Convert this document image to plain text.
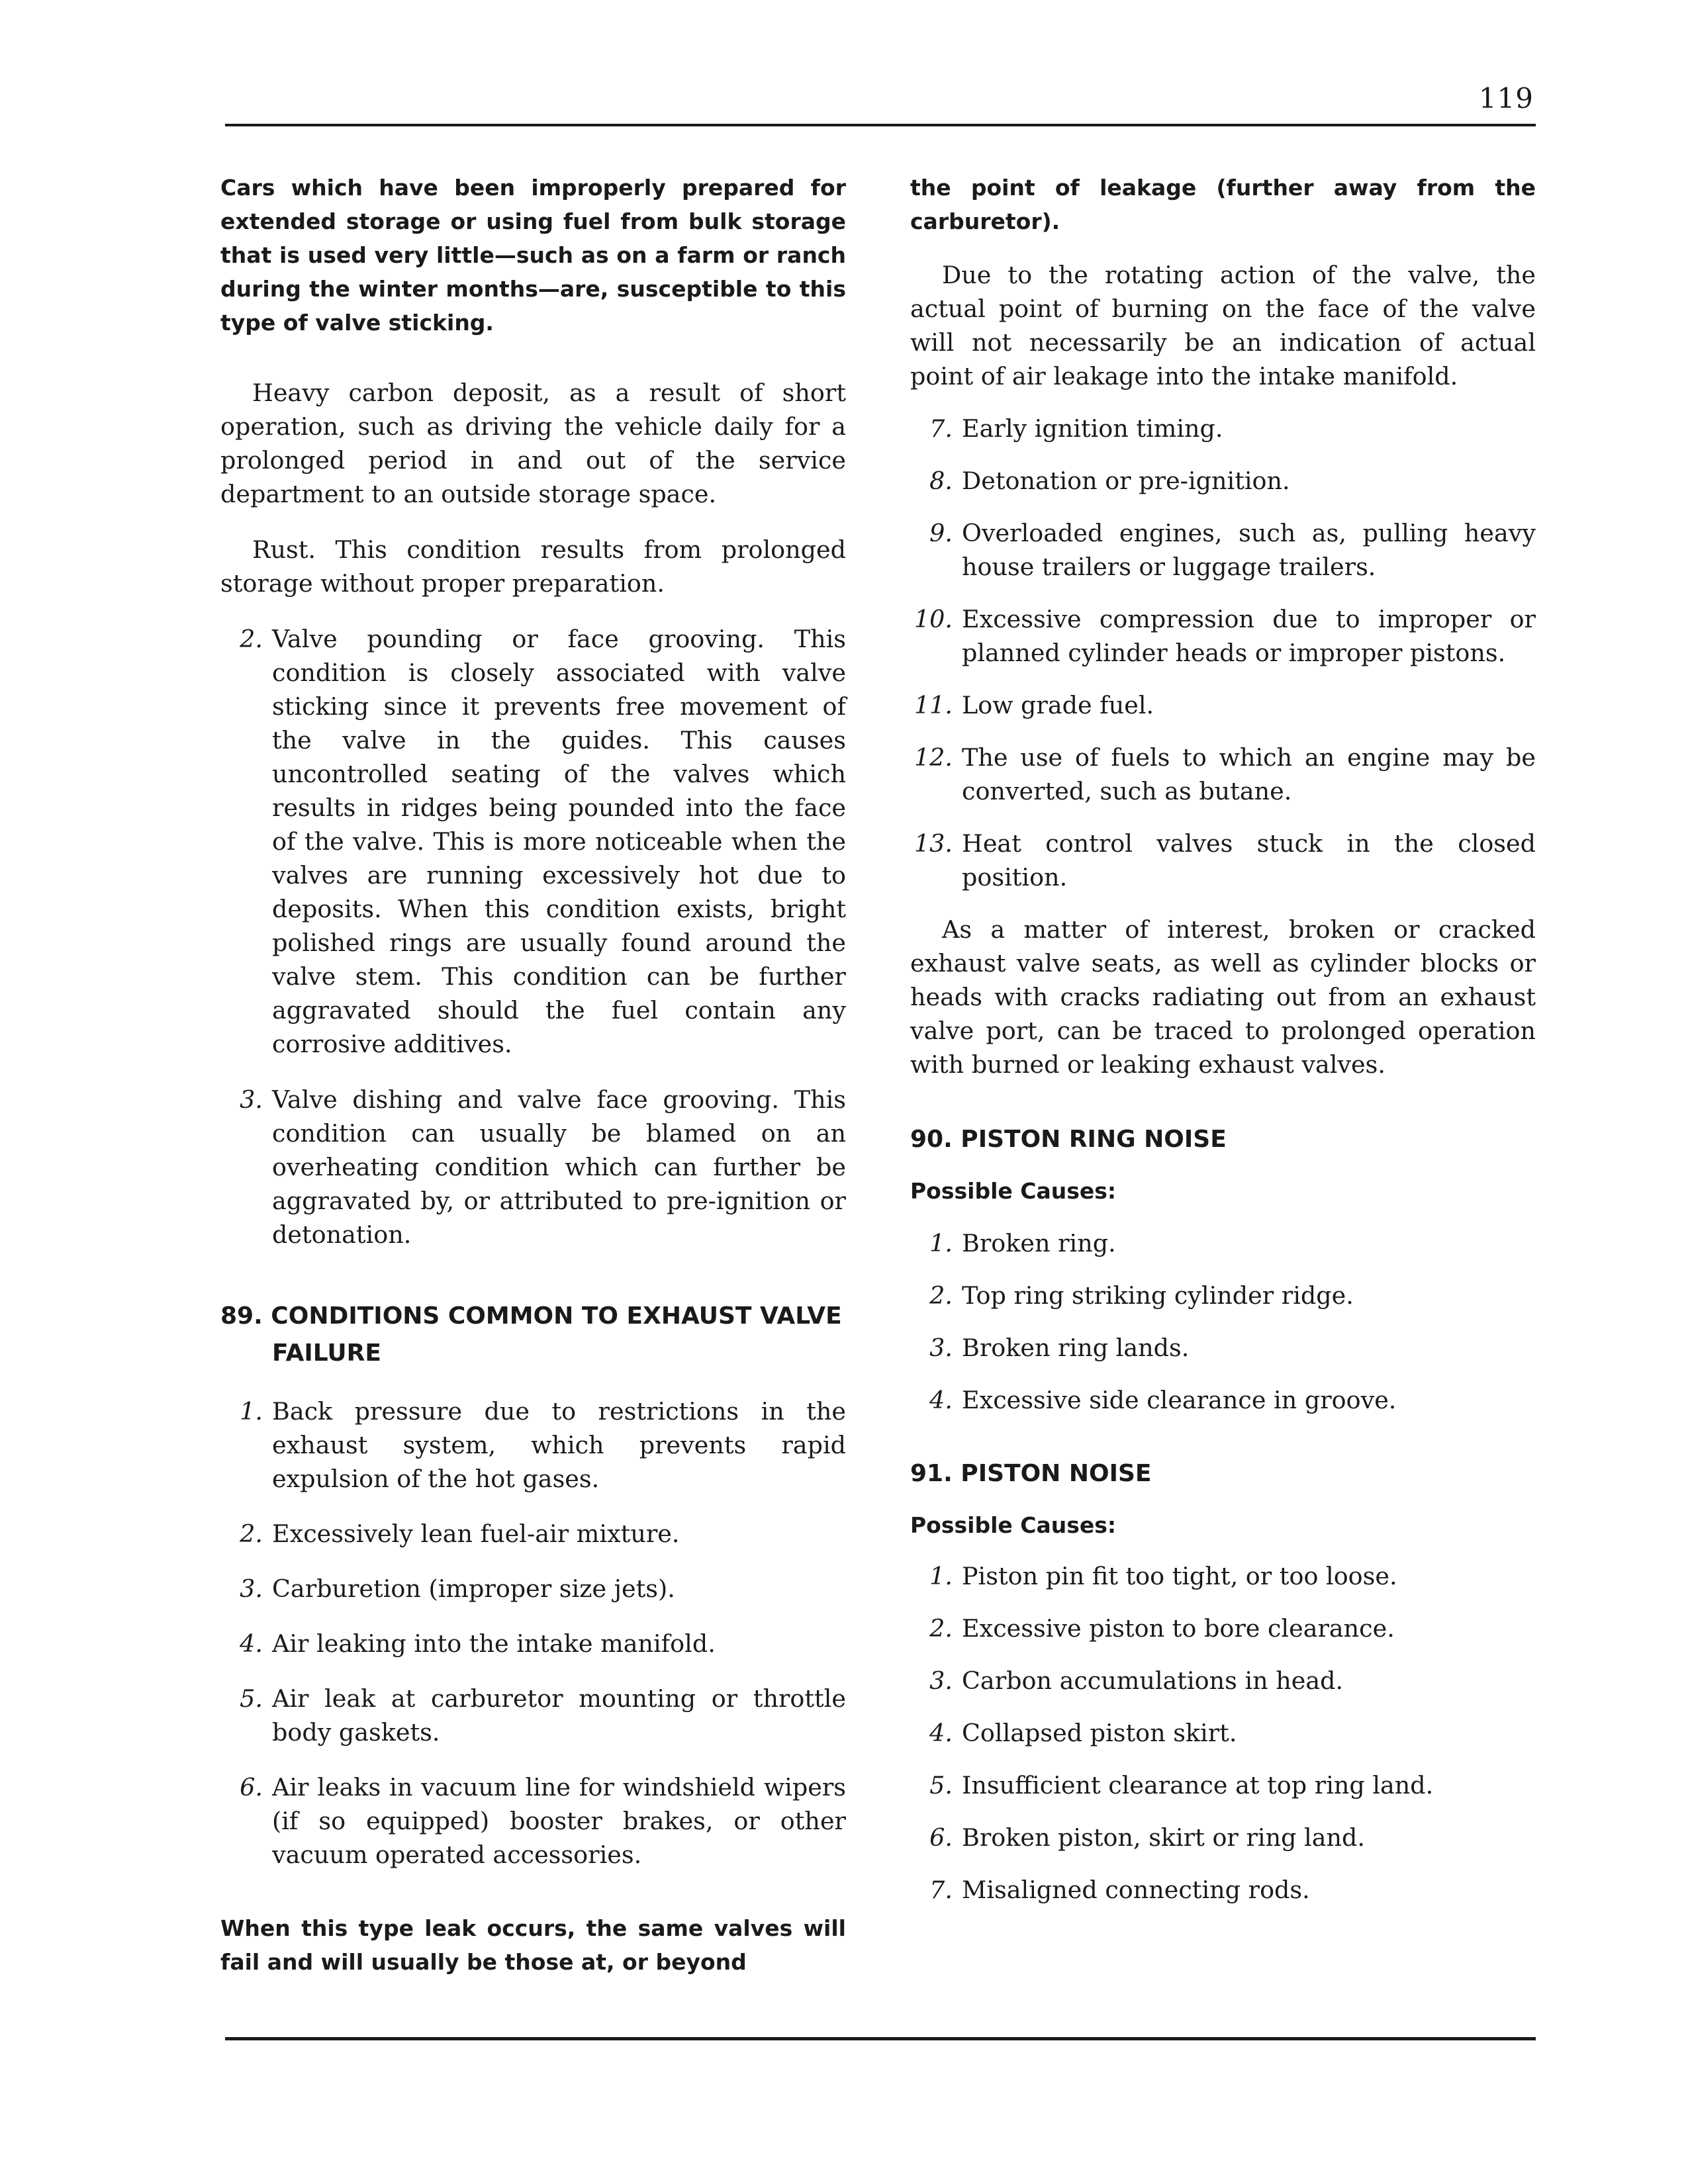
119

Cars which have been improperly prepared for extended storage or using fuel from bulk storage that is used very little—such as on a farm or ranch during the winter months—are, susceptible to this type of valve sticking.

Heavy carbon deposit, as a result of short operation, such as driving the vehicle daily for a prolonged period in and out of the service department to an outside storage space.

Rust. This condition results from prolonged storage without proper preparation.

2. Valve pounding or face grooving. This condition is closely associated with valve sticking since it prevents free movement of the valve in the guides. This causes uncontrolled seating of the valves which results in ridges being pounded into the face of the valve. This is more noticeable when the valves are running excessively hot due to deposits. When this condition exists, bright polished rings are usually found around the valve stem. This condition can be further aggravated should the fuel contain any corrosive additives.
3. Valve dishing and valve face grooving. This condition can usually be blamed on an overheating condition which can further be aggravated by, or attributed to pre-ignition or detonation.

89. CONDITIONS COMMON TO EXHAUST VALVE FAILURE

1. Back pressure due to restrictions in the exhaust system, which prevents rapid expulsion of the hot gases.
2. Excessively lean fuel-air mixture.
3. Carburetion (improper size jets).
4. Air leaking into the intake manifold.
5. Air leak at carburetor mounting or throttle body gaskets.
6. Air leaks in vacuum line for windshield wipers (if so equipped) booster brakes, or other vacuum operated accessories.

When this type leak occurs, the same valves will fail and will usually be those at, or beyond

the point of leakage (further away from the carburetor).

Due to the rotating action of the valve, the actual point of burning on the face of the valve will not necessarily be an indication of actual point of air leakage into the intake manifold.

7. Early ignition timing.
8. Detonation or pre-ignition.
9. Overloaded engines, such as, pulling heavy house trailers or luggage trailers.
10. Excessive compression due to improper or planned cylinder heads or improper pistons.
11. Low grade fuel.
12. The use of fuels to which an engine may be converted, such as butane.
13. Heat control valves stuck in the closed position.

As a matter of interest, broken or cracked exhaust valve seats, as well as cylinder blocks or heads with cracks radiating out from an exhaust valve port, can be traced to prolonged operation with burned or leaking exhaust valves.

90. PISTON RING NOISE

Possible Causes:

1. Broken ring.
2. Top ring striking cylinder ridge.
3. Broken ring lands.
4. Excessive side clearance in groove.

91. PISTON NOISE

Possible Causes:

1. Piston pin fit too tight, or too loose.
2. Excessive piston to bore clearance.
3. Carbon accumulations in head.
4. Collapsed piston skirt.
5. Insufficient clearance at top ring land.
6. Broken piston, skirt or ring land.
7. Misaligned connecting rods.
